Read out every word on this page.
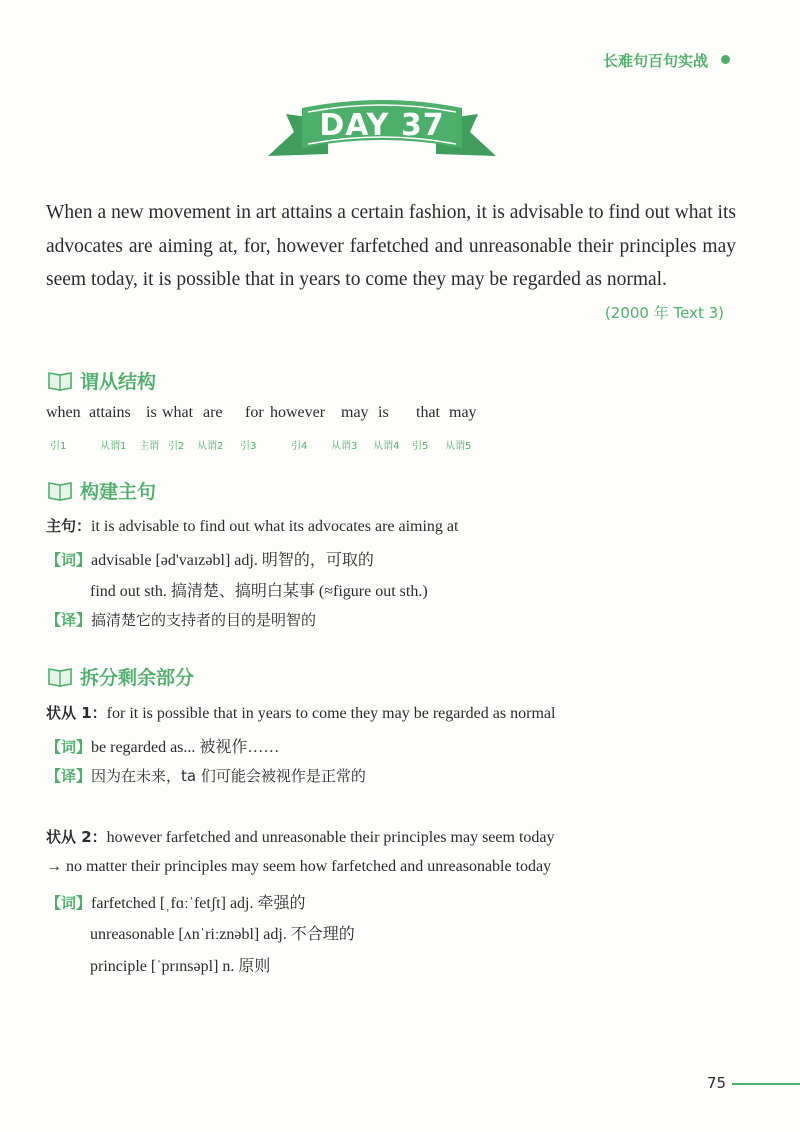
长难句百句实战
DAY 37
When a new movement in art attains a certain fashion, it is advisable to find out what its advocates are aiming at, for, however farfetched and unreasonable their principles may seem today, it is possible that in years to come they may be regarded as normal.
(2000 年 Text 3)
谓从结构
when attains is what are for however may is that may
引1	从谓1 主谓 引2 从谓2 引3	引4 从谓3 从谓4 引5 从谓5
构建主句
主句：it is advisable to find out what its advocates are aiming at
【词】advisable [əd'vaɪzəbl] adj. 明智的，可取的
find out sth. 搞清楚、搞明白某事 (≈figure out sth.)
【译】搞清楚它的支持者的目的是明智的
拆分剩余部分
状从 1：for it is possible that in years to come they may be regarded as normal
【词】be regarded as... 被视作……
【译】因为在未来，ta 们可能会被视作是正常的
状从 2：however farfetched and unreasonable their principles may seem today
→ no matter their principles may seem how farfetched and unreasonable today
【词】farfetched [ˌfɑːˈfetʃt] adj. 牵强的
unreasonable [ʌnˈriːznəbl] adj. 不合理的
principle [ˈprɪnsəpl] n. 原则
75
